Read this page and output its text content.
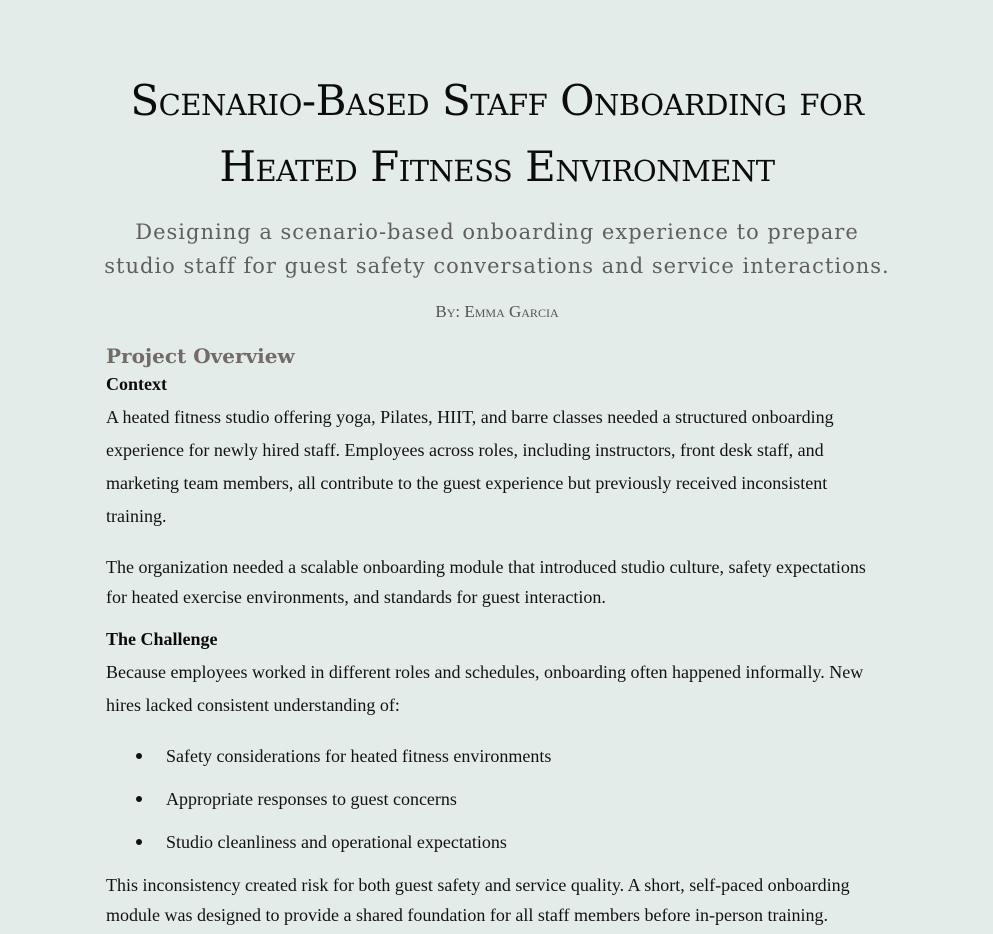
Scenario-Based Staff Onboarding for Heated Fitness Environment

Designing a scenario-based onboarding experience to prepare studio staff for guest safety conversations and service interactions.

By: Emma Garcia

Project Overview
Context

A heated fitness studio offering yoga, Pilates, HIIT, and barre classes needed a structured onboarding experience for newly hired staff. Employees across roles, including instructors, front desk staff, and marketing team members, all contribute to the guest experience but previously received inconsistent training.

The organization needed a scalable onboarding module that introduced studio culture, safety expectations for heated exercise environments, and standards for guest interaction.

The Challenge

Because employees worked in different roles and schedules, onboarding often happened informally. New hires lacked consistent understanding of:

Safety considerations for heated fitness environments
Appropriate responses to guest concerns
Studio cleanliness and operational expectations

This inconsistency created risk for both guest safety and service quality. A short, self-paced onboarding module was designed to provide a shared foundation for all staff members before in-person training.
